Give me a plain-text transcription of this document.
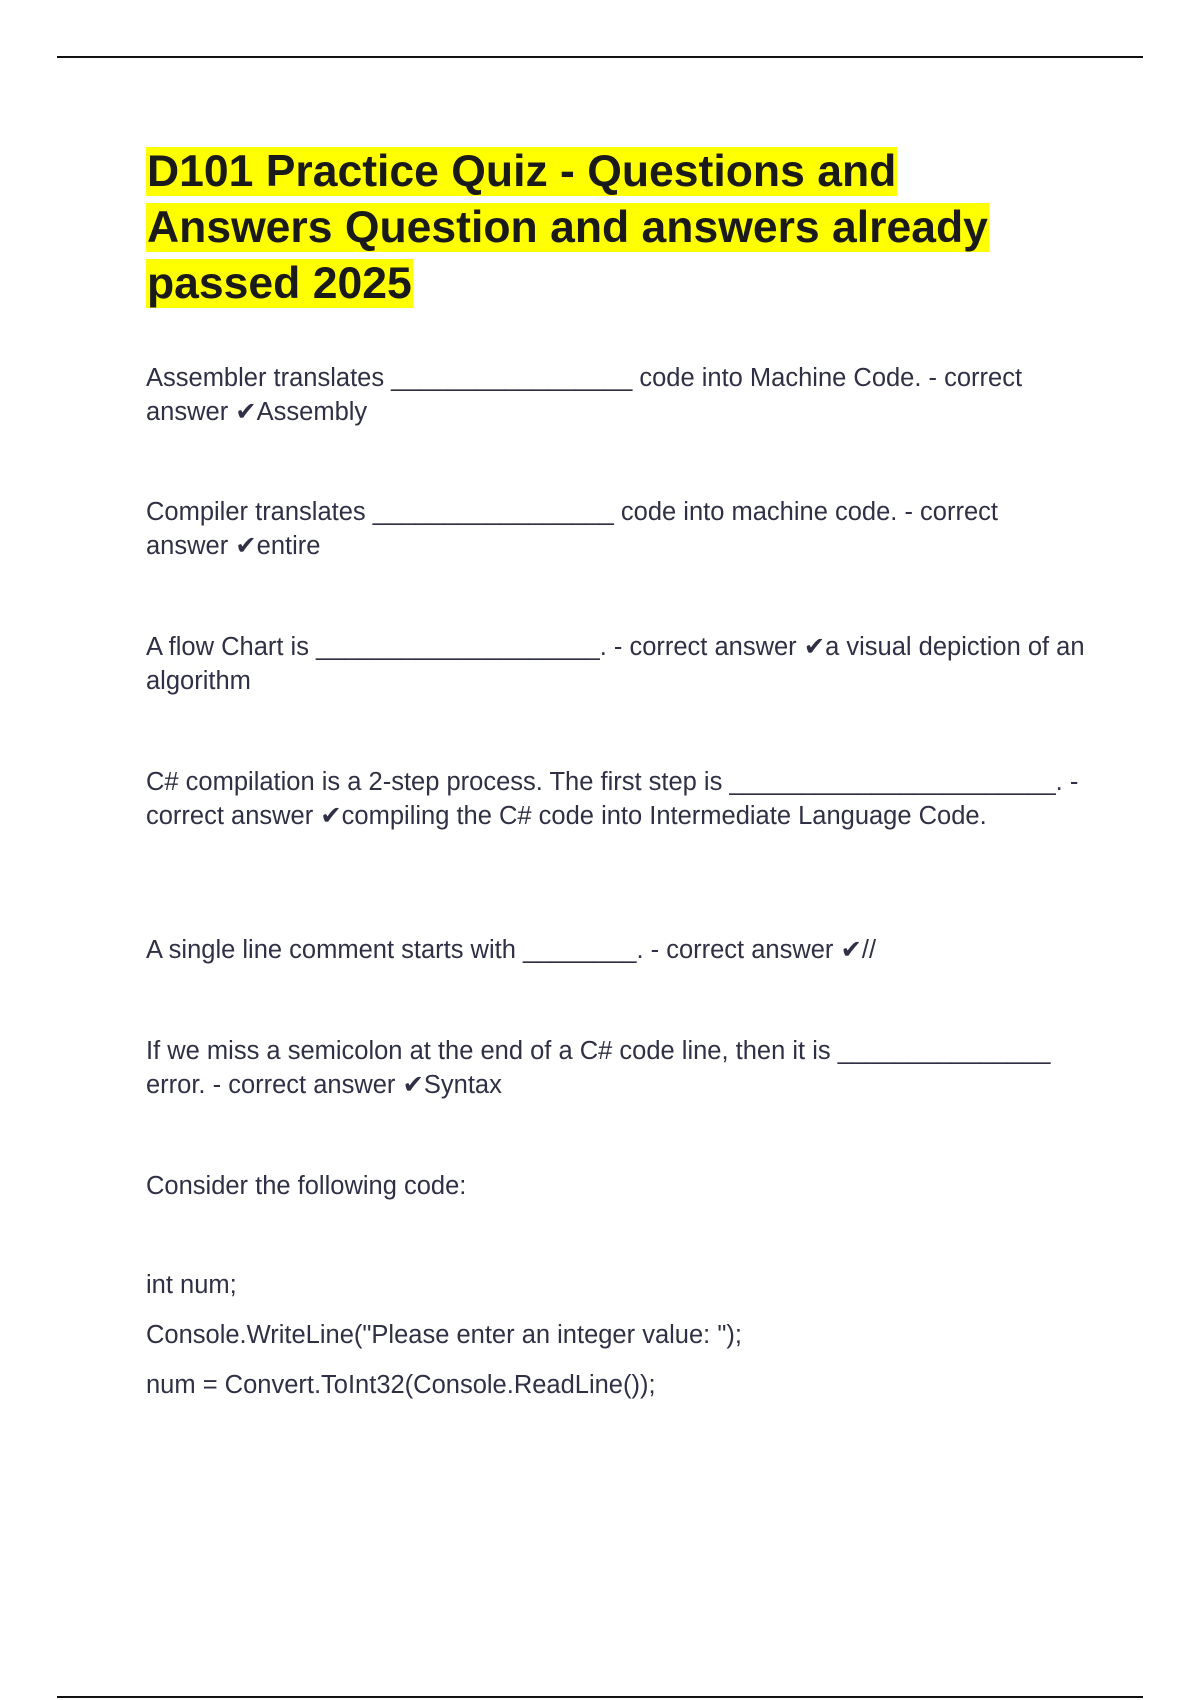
D101 Practice Quiz - Questions and Answers Question and answers already passed 2025

Assembler translates _________________ code into Machine Code. - correct answer ✔Assembly

Compiler translates _________________ code into machine code. - correct answer ✔entire

A flow Chart is ____________________. - correct answer ✔a visual depiction of an algorithm

C# compilation is a 2-step process. The first step is _______________________. - correct answer ✔compiling the C# code into Intermediate Language Code.

A single line comment starts with ________. - correct answer ✔//

If we miss a semicolon at the end of a C# code line, then it is _______________ error. - correct answer ✔Syntax

Consider the following code:

int num;

Console.WriteLine("Please enter an integer value: ");

num = Convert.ToInt32(Console.ReadLine());
